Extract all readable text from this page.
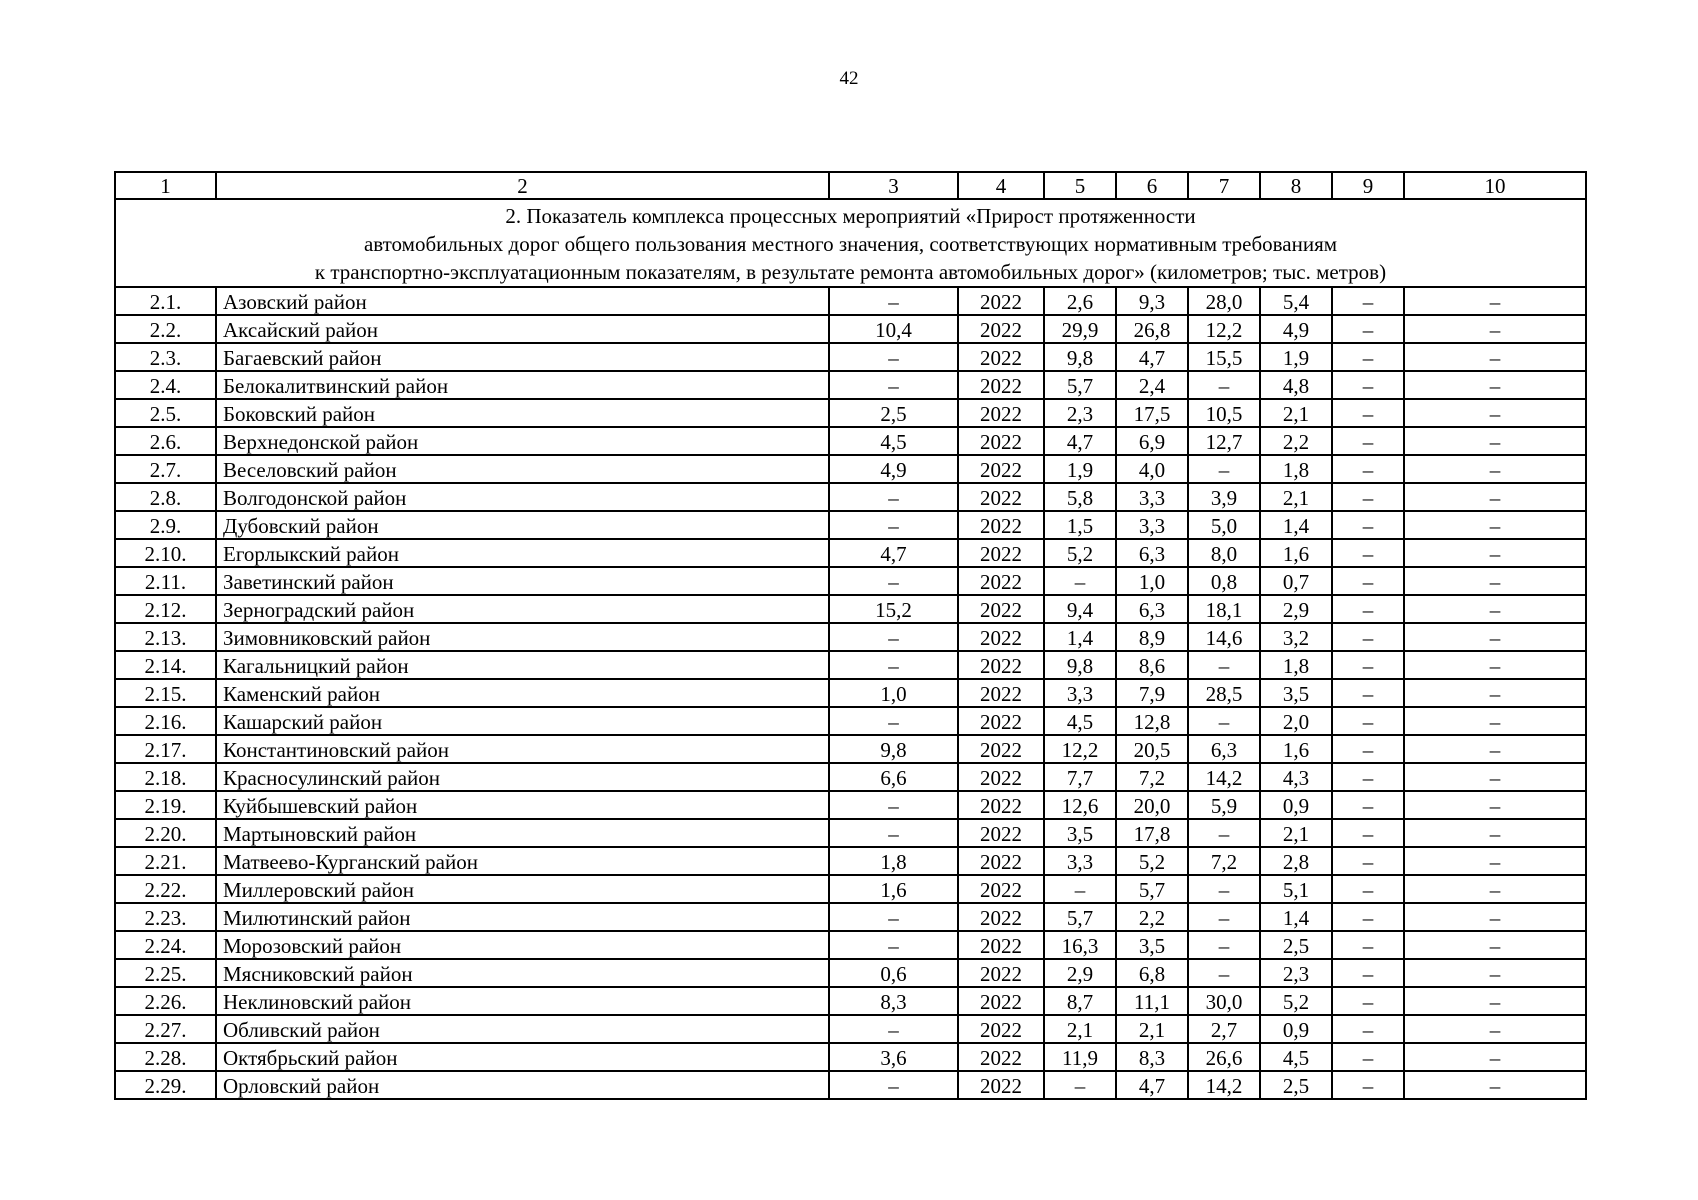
42
1	2	3	4	5	6	7	8	9	10

2. Показатель комплекса процессных мероприятий «Прирост протяженности
автомобильных дорог общего пользования местного значения, соответствующих нормативным требованиям
к транспортно-эксплуатационным показателям, в результате ремонта автомобильных дорог» (километров; тыс. метров)									

2.1.	Азовский район	–	2022	2,6	9,3	28,0	5,4	–	–
2.2.	Аксайский район	10,4	2022	29,9	26,8	12,2	4,9	–	–
2.3.	Багаевский район	–	2022	9,8	4,7	15,5	1,9	–	–
2.4.	Белокалитвинский район	–	2022	5,7	2,4	–	4,8	–	–
2.5.	Боковский район	2,5	2022	2,3	17,5	10,5	2,1	–	–
2.6.	Верхнедонской район	4,5	2022	4,7	6,9	12,7	2,2	–	–
2.7.	Веселовский район	4,9	2022	1,9	4,0	–	1,8	–	–
2.8.	Волгодонской район	–	2022	5,8	3,3	3,9	2,1	–	–
2.9.	Дубовский район	–	2022	1,5	3,3	5,0	1,4	–	–
2.10.	Егорлыкский район	4,7	2022	5,2	6,3	8,0	1,6	–	–
2.11.	Заветинский район	–	2022	–	1,0	0,8	0,7	–	–
2.12.	Зерноградский район	15,2	2022	9,4	6,3	18,1	2,9	–	–
2.13.	Зимовниковский район	–	2022	1,4	8,9	14,6	3,2	–	–
2.14.	Кагальницкий район	–	2022	9,8	8,6	–	1,8	–	–
2.15.	Каменский район	1,0	2022	3,3	7,9	28,5	3,5	–	–
2.16.	Кашарский район	–	2022	4,5	12,8	–	2,0	–	–
2.17.	Константиновский район	9,8	2022	12,2	20,5	6,3	1,6	–	–
2.18.	Красносулинский район	6,6	2022	7,7	7,2	14,2	4,3	–	–
2.19.	Куйбышевский район	–	2022	12,6	20,0	5,9	0,9	–	–
2.20.	Мартыновский район	–	2022	3,5	17,8	–	2,1	–	–
2.21.	Матвеево-Курганский район	1,8	2022	3,3	5,2	7,2	2,8	–	–
2.22.	Миллеровский район	1,6	2022	–	5,7	–	5,1	–	–
2.23.	Милютинский район	–	2022	5,7	2,2	–	1,4	–	–
2.24.	Морозовский район	–	2022	16,3	3,5	–	2,5	–	–
2.25.	Мясниковский район	0,6	2022	2,9	6,8	–	2,3	–	–
2.26.	Неклиновский район	8,3	2022	8,7	11,1	30,0	5,2	–	–
2.27.	Обливский район	–	2022	2,1	2,1	2,7	0,9	–	–
2.28.	Октябрьский район	3,6	2022	11,9	8,3	26,6	4,5	–	–
2.29.	Орловский район	–	2022	–	4,7	14,2	2,5	–	–
